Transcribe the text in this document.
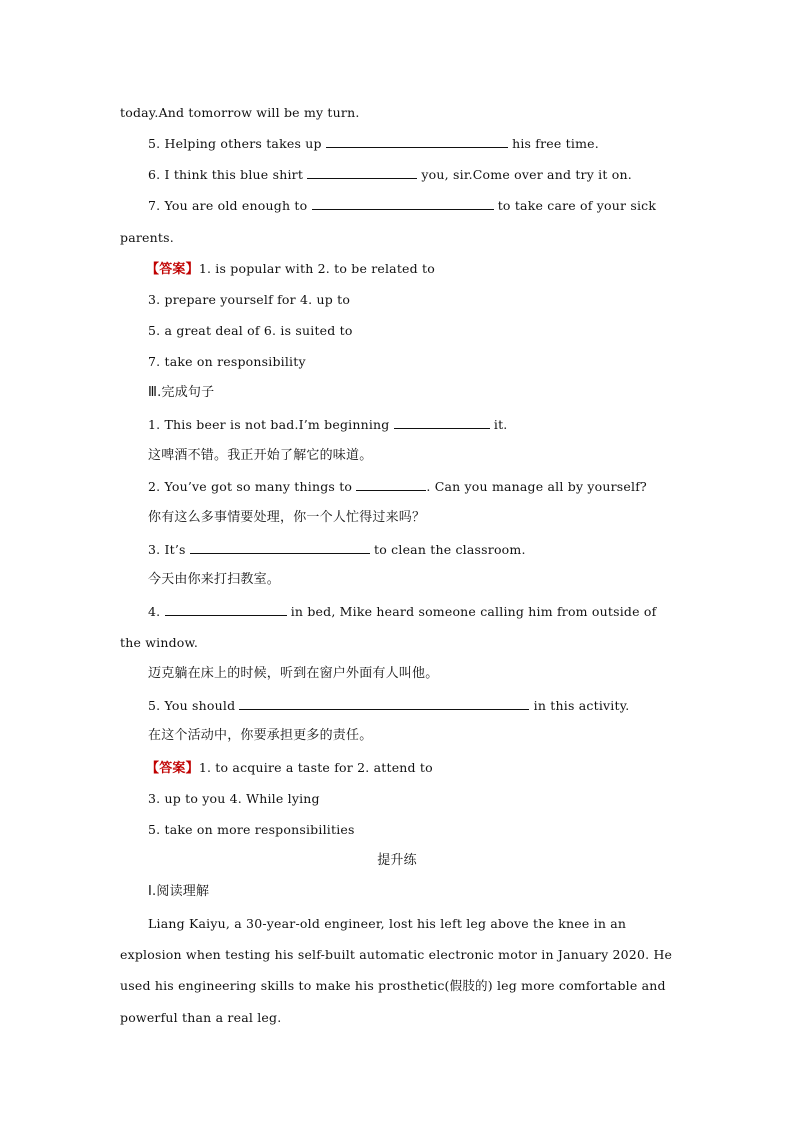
today.And tomorrow will be my turn.
5. Helping others takes up	his free time.
6. I think this blue shirt	you, sir.Come over and try it on.
7. You are old enough to	to take care of your sick
parents.
【答案】1. is popular with 2. to be related to
3. prepare yourself for 4. up to
5. a great deal of 6. is suited to
7. take on responsibility
Ⅲ.完成句子
1. This beer is not bad.I’m beginning	it.
这啤酒不错。我正开始了解它的味道。
2. You’ve got so many things to	. Can you manage all by yourself?
你有这么多事情要处理，你一个人忙得过来吗？
3. It’s	to clean the classroom.
今天由你来打扫教室。
4.	in bed, Mike heard someone calling him from outside of
the window.
迈克躺在床上的时候，听到在窗户外面有人叫他。
5. You should	in this activity.
在这个活动中，你要承担更多的责任。
【答案】1. to acquire a taste for 2. attend to
3. up to you 4. While lying
5. take on more responsibilities
提升练
Ⅰ.阅读理解
Liang Kaiyu, a 30-year-old engineer, lost his left leg above the knee in an
explosion when testing his self-built automatic electronic motor in January 2020. He
used his engineering skills to make his prosthetic(假肢的) leg more comfortable and
powerful than a real leg.
